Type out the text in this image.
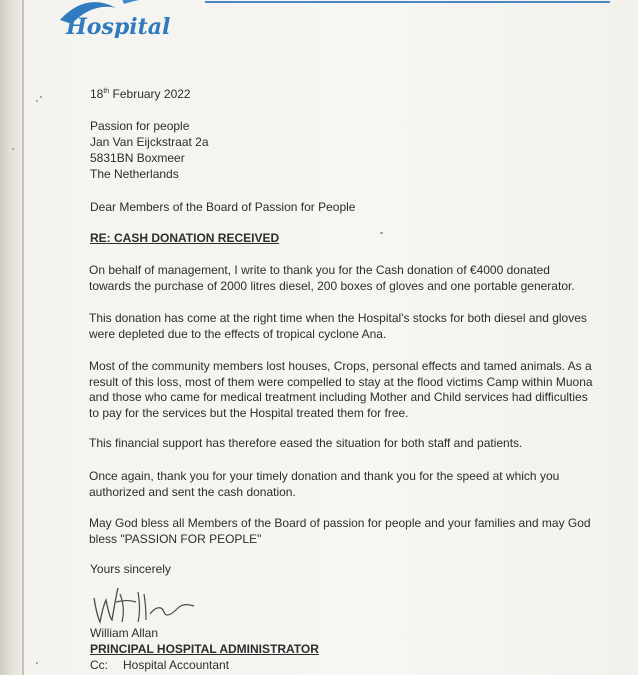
Hospital

18th February 2022

Passion for people

Jan Van Eijckstraat 2a

5831BN Boxmeer

The Netherlands

Dear Members of the Board of Passion for People

RE: CASH DONATION RECEIVED

On behalf of management, I write to thank you for the Cash donation of €4000 donated
towards the purchase of 2000 litres diesel, 200 boxes of gloves and one portable generator.
This donation has come at the right time when the Hospital's stocks for both diesel and gloves
were depleted due to the effects of tropical cyclone Ana.
Most of the community members lost houses, Crops, personal effects and tamed animals. As a
result of this loss, most of them were compelled to stay at the flood victims Camp within Muona
and those who came for medical treatment including Mother and Child services had difficulties
to pay for the services but the Hospital treated them for free.
This financial support has therefore eased the situation for both staff and patients.
Once again, thank you for your timely donation and thank you for the speed at which you
authorized and sent the cash donation.
May God bless all Members of the Board of passion for people and your families and may God
bless "PASSION FOR PEOPLE"

Yours sincerely

William Allan

PRINCIPAL HOSPITAL ADMINISTRATOR

Cc: Hospital Accountant
